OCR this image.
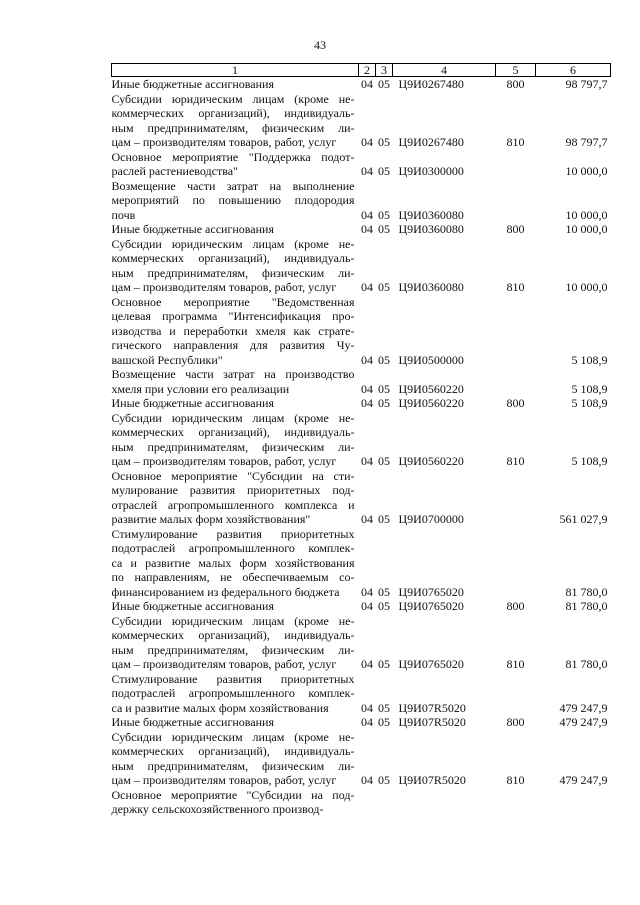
43
1	2	3	4	5	6

Иные бюджетные ассигнования	04	05	Ц9И0267480	800	98 797,7

Субсидии юридическим лицам (кроме не-
коммерческих организаций), индивидуаль-
ным предпринимателям, физическим ли-
цам – производителям товаров, работ, услуг	04	05	Ц9И0267480	810	98 797,7

Основное мероприятие "Поддержка подот-
раслей растениеводства"	04	05	Ц9И0300000		10 000,0

Возмещение части затрат на выполнение
мероприятий по повышению плодородия
почв	04	05	Ц9И0360080		10 000,0

Иные бюджетные ассигнования	04	05	Ц9И0360080	800	10 000,0

Субсидии юридическим лицам (кроме не-
коммерческих организаций), индивидуаль-
ным предпринимателям, физическим ли-
цам – производителям товаров, работ, услуг	04	05	Ц9И0360080	810	10 000,0

Основное мероприятие "Ведомственная
целевая программа "Интенсификация про-
изводства и переработки хмеля как страте-
гического направления для развития Чу-
вашской Республики"	04	05	Ц9И0500000		5 108,9

Возмещение части затрат на производство
хмеля при условии его реализации	04	05	Ц9И0560220		5 108,9

Иные бюджетные ассигнования	04	05	Ц9И0560220	800	5 108,9

Субсидии юридическим лицам (кроме не-
коммерческих организаций), индивидуаль-
ным предпринимателям, физическим ли-
цам – производителям товаров, работ, услуг	04	05	Ц9И0560220	810	5 108,9

Основное мероприятие "Субсидии на сти-
мулирование развития приоритетных под-
отраслей агропромышленного комплекса и
развитие малых форм хозяйствования"	04	05	Ц9И0700000		561 027,9

Стимулирование развития приоритетных
подотраслей агропромышленного комплек-
са и развитие малых форм хозяйствования
по направлениям, не обеспечиваемым со-
финансированием из федерального бюджета	04	05	Ц9И0765020		81 780,0

Иные бюджетные ассигнования	04	05	Ц9И0765020	800	81 780,0

Субсидии юридическим лицам (кроме не-
коммерческих организаций), индивидуаль-
ным предпринимателям, физическим ли-
цам – производителям товаров, работ, услуг	04	05	Ц9И0765020	810	81 780,0

Стимулирование развития приоритетных
подотраслей агропромышленного комплек-
са и развитие малых форм хозяйствования	04	05	Ц9И07R5020		479 247,9

Иные бюджетные ассигнования	04	05	Ц9И07R5020	800	479 247,9

Субсидии юридическим лицам (кроме не-
коммерческих организаций), индивидуаль-
ным предпринимателям, физическим ли-
цам – производителям товаров, работ, услуг	04	05	Ц9И07R5020	810	479 247,9

Основное мероприятие "Субсидии на под-
держку сельскохозяйственного производ-					
